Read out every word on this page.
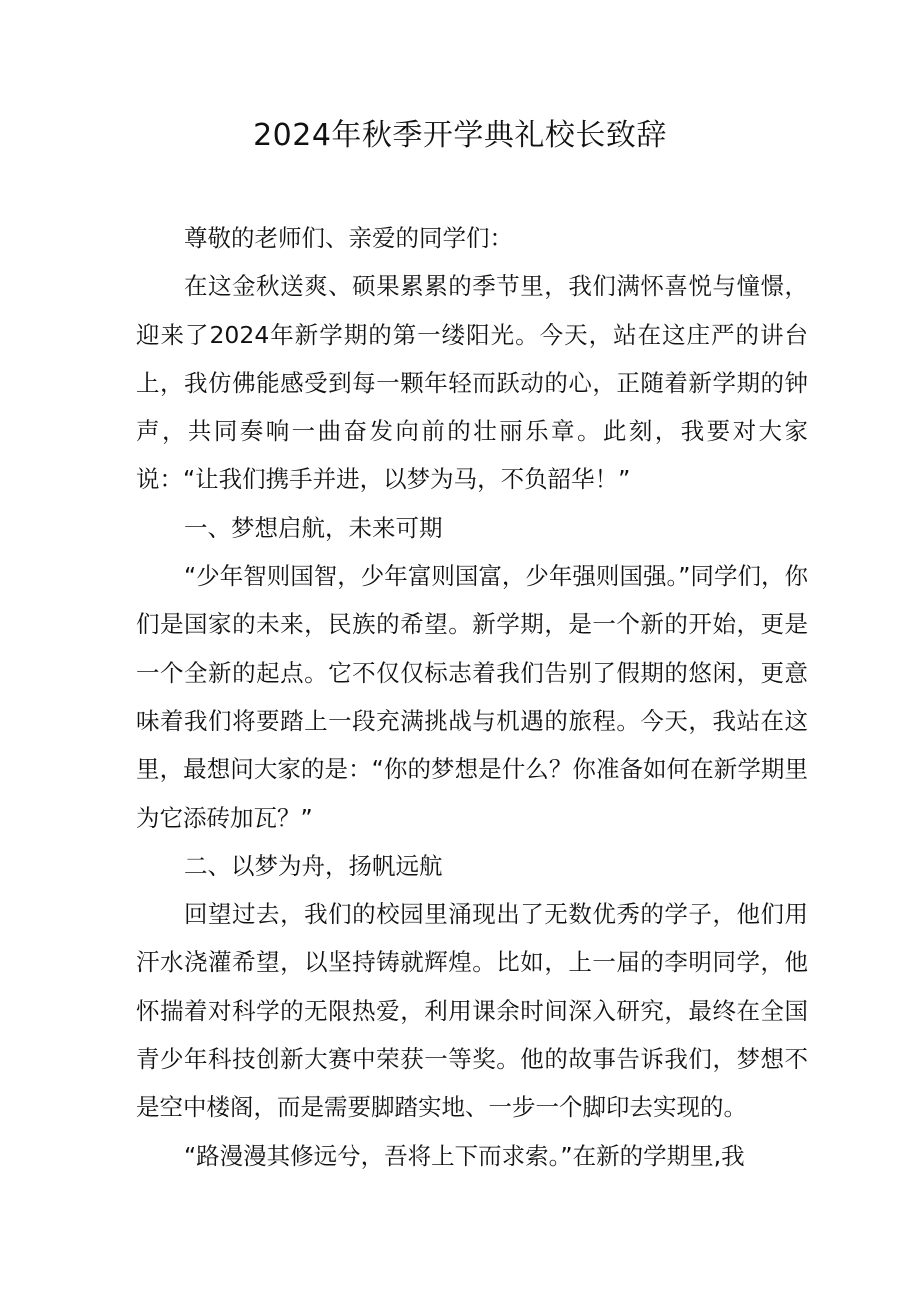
2024年秋季开学典礼校长致辞

尊敬的老师们、亲爱的同学们：

在这金秋送爽、硕果累累的季节里，我们满怀喜悦与憧憬，迎来了2024年新学期的第一缕阳光。今天，站在这庄严的讲台上，我仿佛能感受到每一颗年轻而跃动的心，正随着新学期的钟声，共同奏响一曲奋发向前的壮丽乐章。此刻，我要对大家说：“让我们携手并进，以梦为马，不负韶华！”

一、梦想启航，未来可期

“少年智则国智，少年富则国富，少年强则国强。”同学们，你们是国家的未来，民族的希望。新学期，是一个新的开始，更是一个全新的起点。它不仅仅标志着我们告别了假期的悠闲，更意味着我们将要踏上一段充满挑战与机遇的旅程。今天，我站在这里，最想问大家的是：“你的梦想是什么？你准备如何在新学期里为它添砖加瓦？”

二、以梦为舟，扬帆远航

回望过去，我们的校园里涌现出了无数优秀的学子，他们用汗水浇灌希望，以坚持铸就辉煌。比如，上一届的李明同学，他怀揣着对科学的无限热爱，利用课余时间深入研究，最终在全国青少年科技创新大赛中荣获一等奖。他的故事告诉我们，梦想不是空中楼阁，而是需要脚踏实地、一步一个脚印去实现的。

“路漫漫其修远兮，吾将上下而求索。”在新的学期里,我
